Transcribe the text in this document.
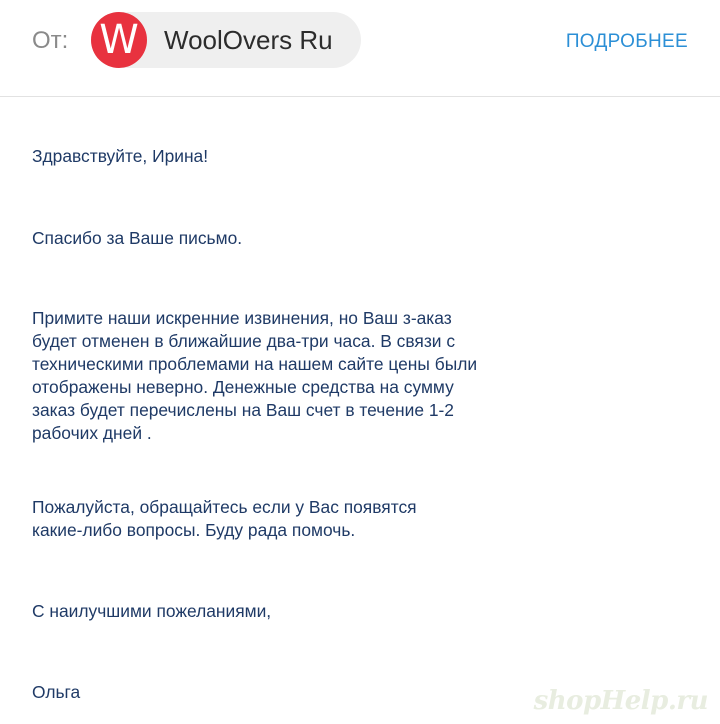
От: W WoolOvers Ru	ПОДРОБНЕЕ

Здравствуйте, Ирина!

Спасибо за Ваше письмо.

Примите наши искренние извинения, но Ваш з-аказ будет отменен в ближайшие два-три часа. В связи с техническими проблемами на нашем сайте цены были отображены неверно. Денежные средства на сумму заказ будет перечислены на Ваш счет в течение 1-2 рабочих дней .

Пожалуйста, обращайтесь если у Вас появятся какие-либо вопросы. Буду рада помочь.

С наилучшими пожеланиями,

Ольга	shopHelp.ru
